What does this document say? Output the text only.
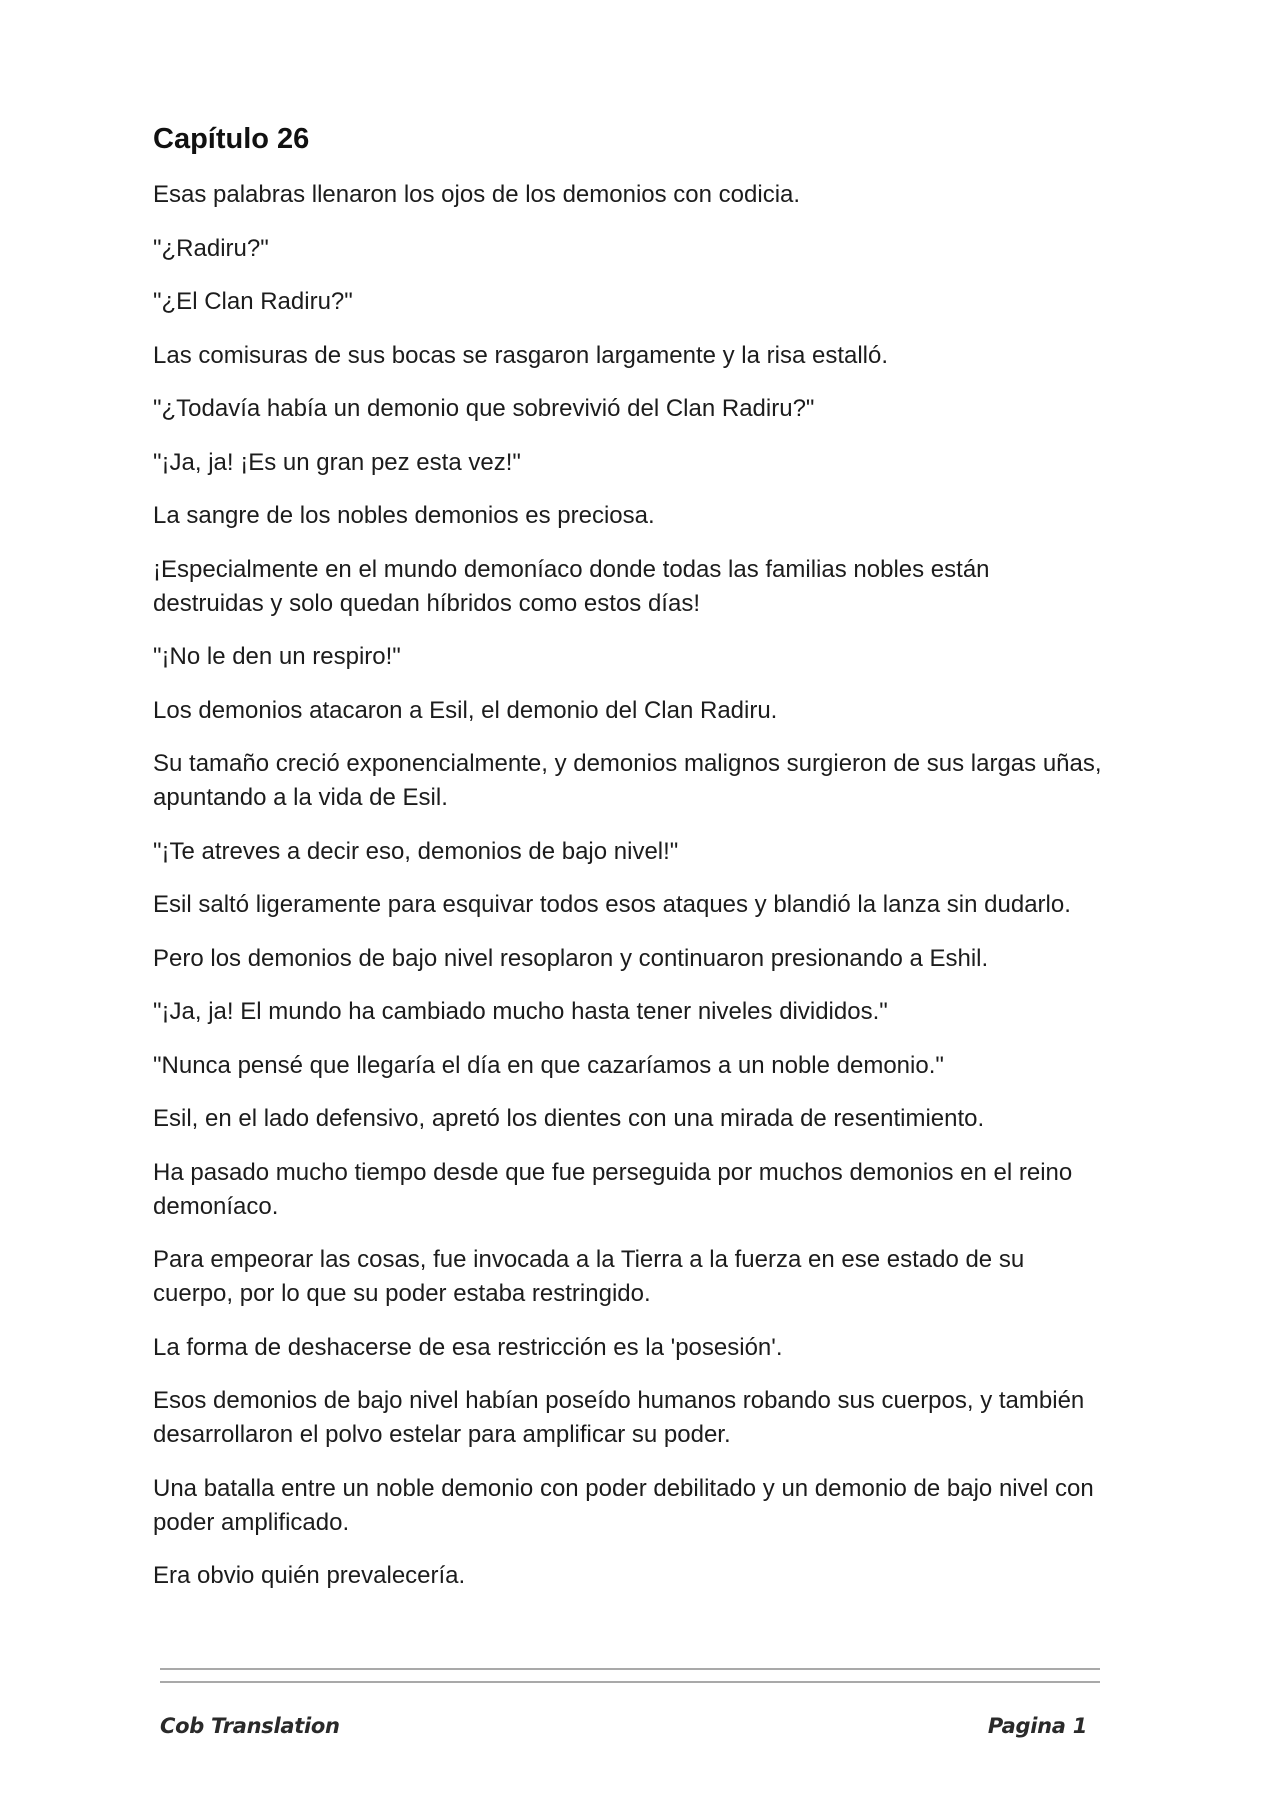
Capítulo 26

Esas palabras llenaron los ojos de los demonios con codicia.

"¿Radiru?"

"¿El Clan Radiru?"

Las comisuras de sus bocas se rasgaron largamente y la risa estalló.

"¿Todavía había un demonio que sobrevivió del Clan Radiru?"

"¡Ja, ja! ¡Es un gran pez esta vez!"

La sangre de los nobles demonios es preciosa.

¡Especialmente en el mundo demoníaco donde todas las familias nobles están destruidas y solo quedan híbridos como estos días!

"¡No le den un respiro!"

Los demonios atacaron a Esil, el demonio del Clan Radiru.

Su tamaño creció exponencialmente, y demonios malignos surgieron de sus largas uñas, apuntando a la vida de Esil.

"¡Te atreves a decir eso, demonios de bajo nivel!"

Esil saltó ligeramente para esquivar todos esos ataques y blandió la lanza sin dudarlo.

Pero los demonios de bajo nivel resoplaron y continuaron presionando a Eshil.

"¡Ja, ja! El mundo ha cambiado mucho hasta tener niveles divididos."

"Nunca pensé que llegaría el día en que cazaríamos a un noble demonio."

Esil, en el lado defensivo, apretó los dientes con una mirada de resentimiento.

Ha pasado mucho tiempo desde que fue perseguida por muchos demonios en el reino demoníaco.

Para empeorar las cosas, fue invocada a la Tierra a la fuerza en ese estado de su cuerpo, por lo que su poder estaba restringido.

La forma de deshacerse de esa restricción es la 'posesión'.

Esos demonios de bajo nivel habían poseído humanos robando sus cuerpos, y también desarrollaron el polvo estelar para amplificar su poder.

Una batalla entre un noble demonio con poder debilitado y un demonio de bajo nivel con poder amplificado.

Era obvio quién prevalecería.

Cob Translation	Pagina 1
